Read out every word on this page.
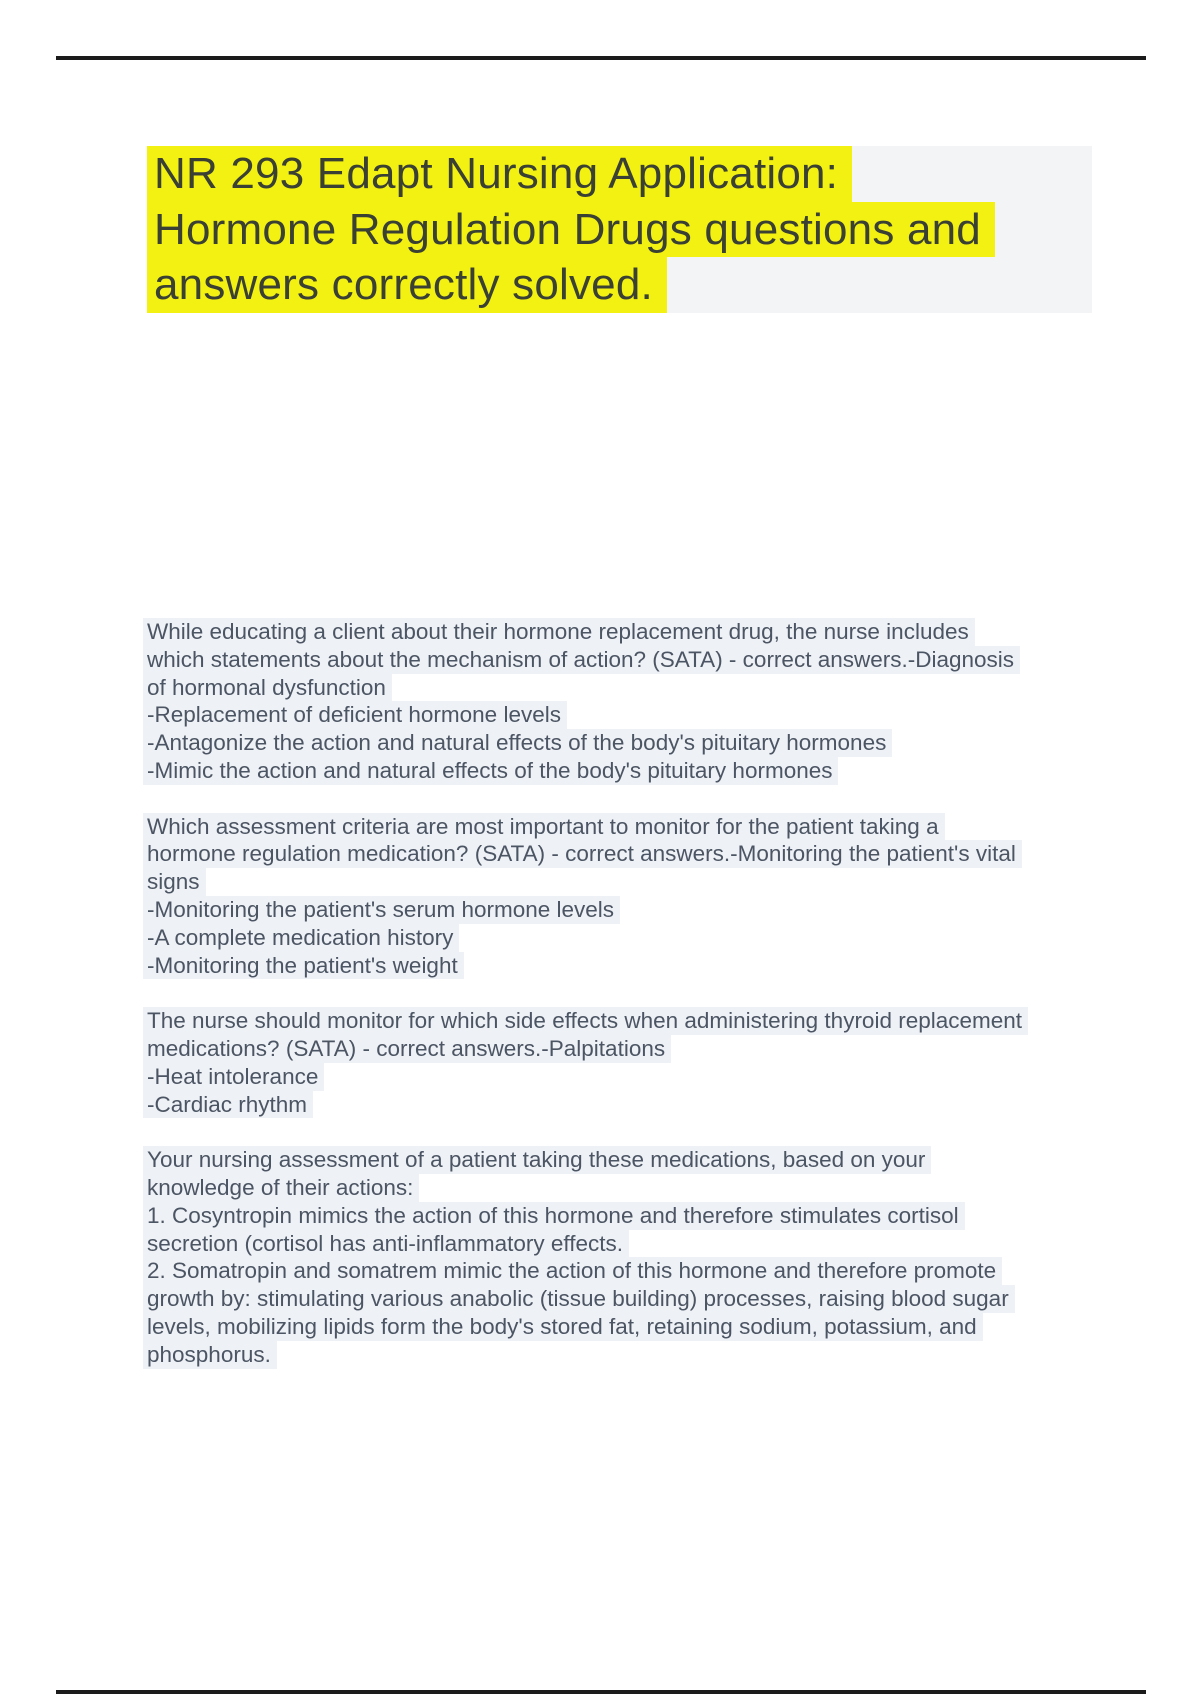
NR 293 Edapt Nursing Application:
Hormone Regulation Drugs questions and
answers correctly solved.
While educating a client about their hormone replacement drug, the nurse includes
which statements about the mechanism of action? (SATA) - correct answers.-Diagnosis
of hormonal dysfunction
-Replacement of deficient hormone levels
-Antagonize the action and natural effects of the body's pituitary hormones
-Mimic the action and natural effects of the body's pituitary hormones
Which assessment criteria are most important to monitor for the patient taking a
hormone regulation medication? (SATA) - correct answers.-Monitoring the patient's vital
signs
-Monitoring the patient's serum hormone levels
-A complete medication history
-Monitoring the patient's weight
The nurse should monitor for which side effects when administering thyroid replacement
medications? (SATA) - correct answers.-Palpitations
-Heat intolerance
-Cardiac rhythm
Your nursing assessment of a patient taking these medications, based on your
knowledge of their actions:
1. Cosyntropin mimics the action of this hormone and therefore stimulates cortisol
secretion (cortisol has anti-inflammatory effects.
2. Somatropin and somatrem mimic the action of this hormone and therefore promote
growth by: stimulating various anabolic (tissue building) processes, raising blood sugar
levels, mobilizing lipids form the body's stored fat, retaining sodium, potassium, and
phosphorus.
